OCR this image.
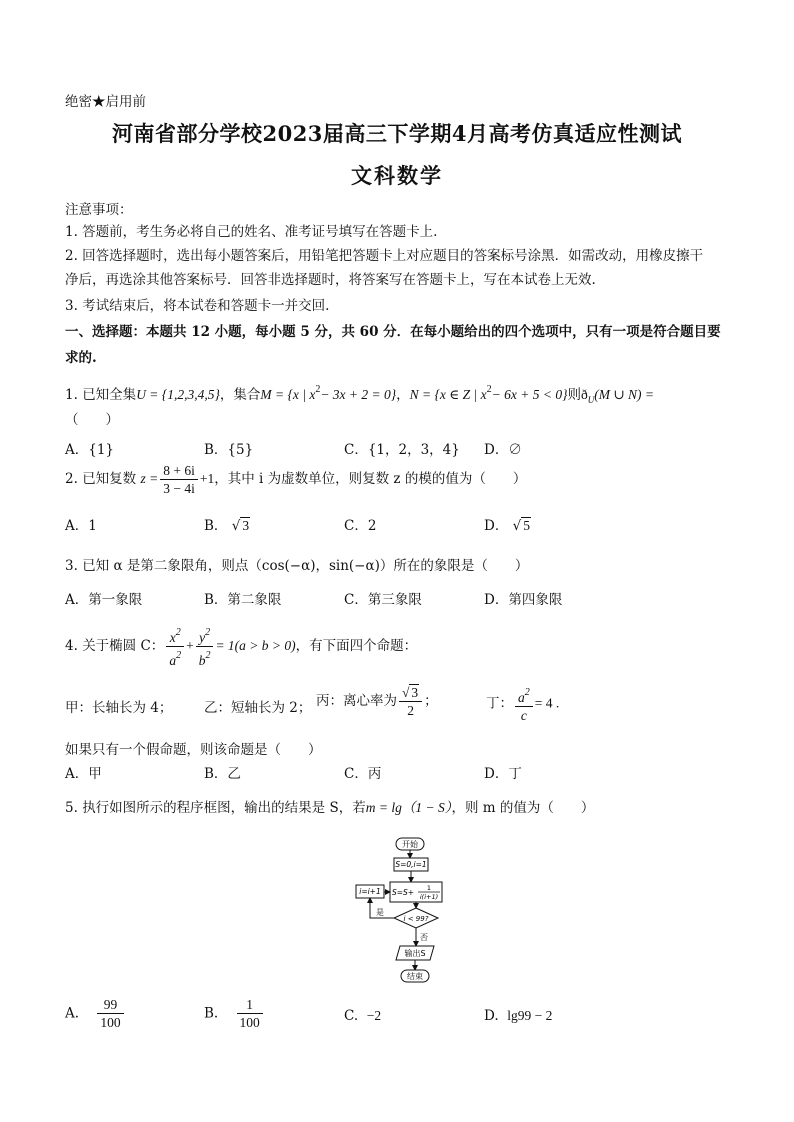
绝密★启用前
河南省部分学校2023届高三下学期4月高考仿真适应性测试
文科数学
注意事项：
1. 答题前，考生务必将自己的姓名、准考证号填写在答题卡上.
2. 回答选择题时，选出每小题答案后，用铅笔把答题卡上对应题目的答案标号涂黑．如需改动，用橡皮擦干
净后，再选涂其他答案标号．回答非选择题时，将答案写在答题卡上，写在本试卷上无效.
3. 考试结束后，将本试卷和答题卡一并交回.
一、选择题：本题共 12 小题，每小题 5 分，共 60 分．在每小题给出的四个选项中，只有一项是符合题目要
求的.
1. 已知全集U = {1,2,3,4,5}，集合M = {x | $x^2- 3x + 2 = 0$}，N = {x ∈ Z | $x^2- 6x + 5 < 0$}则$ð_U(M$ ∪ N) =
（　　）
A．{1}	B．{5}	C．{1，2，3，4} D．∅
2. 已知复数 $z = \frac{8 + 6i}{3 - 4i} +1$，其中 i 为虚数单位，则复数 z 的模的值为（　　）
A．1	B． √ 3	C．2	D． √ 5
3. 已知 α 是第二象限角，则点（cos(−α)，sin(−α)）所在的象限是（　　）
A．第一象限	B．第二象限	C．第三象限	D．第四象限
4. 关于椭圆 C： $\frac{x^2}{a^2} + \frac{y^2}{b^2} = 1(a > b > 0)$，有下面四个命题：
甲：长轴长为 4； 乙：短轴长为 2； 丙：离心率为 $\frac{√ 3}{2}$ ；	丁： $\frac{a^2}{c} = 4$ .
如果只有一个假命题，则该命题是（　　）
A．甲	B．乙	C．丙	D．丁
5. 执行如图所示的程序框图，输出的结果是 S，若m = lg（1 − S），则 m 的值为（　　）
开始
S=0,i=1
S=S+ 1
i(i+1)
i=i+1
i < 99?
是
否
输出S
结束
A. $\frac{99}{100}$	B. $\frac{1}{100}$	C. −2	D. lg99 − 2
